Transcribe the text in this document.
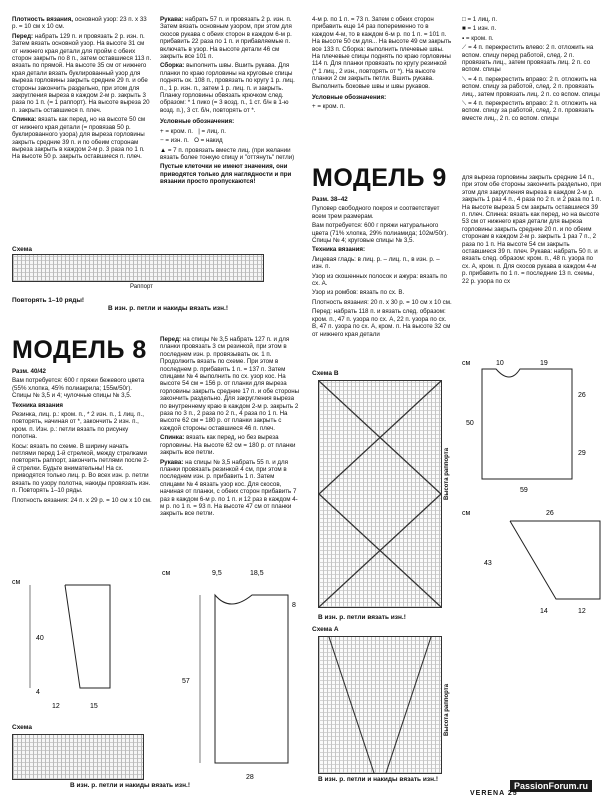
Плотность вязания, основной узор: 23 п. х 33 р. = 10 см х 10 см.

Перед: набрать 129 п. и провязать 2 р. изн. п. Затем вязать основной узор. На высоте 31 см от нижнего края детали для пройм с обеих сторон закрыть по 8 п., затем оставшиеся 113 п. вязать по прямой. На высоте 35 см от нижнего края детали вязать буклированный узор для выреза горловины закрыть средние 29 п. и обе стороны закончить раздельно, при этом для закругления выреза в каждом 2-м р. закрыть 3 раза по 1 п. (= 1 раппорт). На высоте выреза 20 п. закрыть оставшиеся п. плеч.

Спинка: вязать как перед, но на высоте 50 см от нижнего края детали (= провязав 50 р. буклированного узора) для выреза горловины закрыть средние 39 п. и по обеим сторонам выреза закрыть в каждом 2-м р. 3 раза по 1 п. На высоте 50 р. закрыть оставшиеся п. плеч.

Рукава: набрать 57 п. и провязать 2 р. изн. п. Затем вязать основным узором, при этом для скосов рукава с обеих сторон в каждом 6-м р. прибавить 22 раза по 1 п. и прибавляемые п. включать в узор. На высоте детали 46 см закрыть все 101 п.

Сборка: выполнить швы. Вшить рукава. Для планки по краю горловины на круговые спицы поднять ок. 108 п., провязать по кругу 1 р. лиц. п., 1 р. изн. п., затем 1 р. лиц. п. и закрыть. Планку горловины обвязать крючком след. образом: * 1 пико (= 3 возд. п., 1 ст. б/н в 1-ю возд. п.), 3 ст. б/н, повторять от *.

Условные обозначения:

+ = кром. п.   | = лиц. п.

− = изн. п.   O = накид

▲ = 7 п. провязать вместе лиц. (при желании вязать более тонкую спицу и "оттянуть" петли)

Пустые клеточки не имеют значения, они приводятся только для наглядности и при вязании просто пропускаются!

4-м р. по 1 п. = 73 п. Затем с обеих сторон прибавить еще 14 раз попеременно то в каждом 4-м, то в каждом 6-м р. по 1 п. = 101 п. На высоте 50 см для... На высоте 49 см закрыть все 133 п. Сборка: выполнить плечевые швы. На плечевые спицы поднять по краю горловины 114 п. Для планки провязать по кругу резинкой (* 1 лиц., 2 изн., повторять от *). На высоте планки 2 см закрыть петли. Вшить рукава. Выполнить боковые швы и швы рукавов.

Условные обозначения:

+ = кром. п.

□ = 1 лиц. п.

■ = 1 изн. п.

▪ = кром. п.

⟋ = 4 п. перекрестить влево: 2 п. отложить на вспом. спицу перед работой, след. 2 п. провязать лиц., затем провязать лиц. 2 п. со вспом. спицы

⟍ = 4 п. перекрестить вправо: 2 п. отложить на вспом. спицу за работой, след. 2 п. провязать лиц., затем провязать лиц. 2 п. со вспом. спицы

⟍ = 4 п. перекрестить вправо: 2 п. отложить на вспом. спицу за работой, след. 2 п. провязать вместе лиц., 2 п. со вспом. спицы

Схема
Раппорт
Повторять 1–10 ряды!
В изн. р. петли и накиды вязать изн.!
МОДЕЛЬ 9

Разм. 38–42

Пуловер свободного покроя и соответствует всем трем размерам.

Вам потребуется: 600 г пряжи натурального цвета (71% хлопка, 29% полиамида; 102м/50г). Спицы № 4; круговые спицы № 3,5.

Техника вязания:

Лицевая гладь: в лиц. р. – лиц. п., в изн. р. – изн. п.

Узор из скошенных полосок и ажура: вязать по сх. А.

Узор из ромбов: вязать по сх. В.

Плотность вязания: 20 п. х 30 р. = 10 см х 10 см.

Перед: набрать 118 п. и вязать след. образом: кром. п., 47 п. узора по сх. А, 22 п. узора по сх. В, 47 п. узора по сх. А, кром. п. На высоте 32 см от нижнего края детали

для выреза горловины закрыть средние 14 п., при этом обе стороны закончить раздельно, при этом для закругления выреза в каждом 2-м р. закрыть 1 раз 4 п., 4 раза по 2 п. и 2 раза по 1 п. На высоте выреза 5 см закрыть оставшиеся 39 п. плеч. Спинка: вязать как перед, но на высоте 53 см от нижнего края детали для выреза горловины закрыть средние 20 п. и по обеим сторонам в каждом 2-м р. закрыть 1 раз 7 п., 2 раза по 1 п. На высоте 54 см закрыть оставшиеся 39 п. плеч. Рукава: набрать 50 п. и вязать след. образом: кром. п., 48 п. узора по сх. А, кром. п. Для скосов рукава в каждом 4-м р. прибавить по 1 п. = последние 13 п. схемы, 22 р. узора по сх

МОДЕЛЬ 8

Разм. 40/42

Вам потребуется: 600 г пряжи бежевого цвета (55% хлопка, 45% полиакрила; 155м/50г). Спицы № 3,5 и 4; чулочные спицы № 3,5.

Техника вязания

Резинка, лиц. р.: кром. п., * 2 изн. п., 1 лиц. п., повторять, начиная от *, закончить 2 изн. п., кром. п. Изн. р.: петли вязать по рисунку полотна.

Косы: вязать по схеме. В ширину начать петлями перед 1-й стрелкой, между стрелками повторять раппорт, закончить петлями после 2-й стрелки. Будьте внимательны! На сх. приводятся только лиц. р. Во всех изн. р. петли вязать по узору полотна, накиды провязать изн. п. Повторять 1–10 ряды.

Плотность вязания: 24 п. х 29 р. = 10 см х 10 см.

Перед: на спицы № 3,5 набрать 127 п. и для планки провязать 3 см резинкой, при этом в последнем изн. р. провязывать ок. 1 п. Продолжить вязать по схеме. При этом в последнем р. прибавить 1 п. = 137 п. Затем спицами № 4 выполнить по сх. узор кос. На высоте 54 см = 156 р. от планки для выреза горловины закрыть средние 17 п. и обе стороны закончить раздельно. Для закругления выреза по внутреннему краю в каждом 2-м р. закрыть 2 раза по 3 п., 2 раза по 2 п., 4 раза по 1 п. На высоте 62 см = 180 р. от планки закрыть с каждой стороны оставшиеся 46 п. плеч.

Спинка: вязать как перед, но без выреза горловины. На высоте 62 см = 180 р. от планки закрыть все петли.

Рукава: на спицы № 3,5 набрать 55 п. и для планки провязать резинкой 4 см, при этом в последнем изн. р. прибавить 1 п. Затем спицами № 4 вязать узор кос. Для скосов, начиная от планки, с обеих сторон прибавить 7 раз в каждом 6-м р. по 1 п. и 12 раз в каждом 4-м р. по 1 п. = 93 п. На высоте 47 см от планки закрыть все петли.

см
40
4
12	15
см	9,5	18,5
57
8
28
Схема
В изн. р. петли и накиды вязать изн.!
Схема В
Высота раппорта
В изн. р. петли вязать изн.!
Схема А
Высота раппорта
В изн. р. петли и накиды вязать изн.!
см	10	19
50
26
29
59
см	26
43
14	12
PassionForum.ru
VERENA 25
